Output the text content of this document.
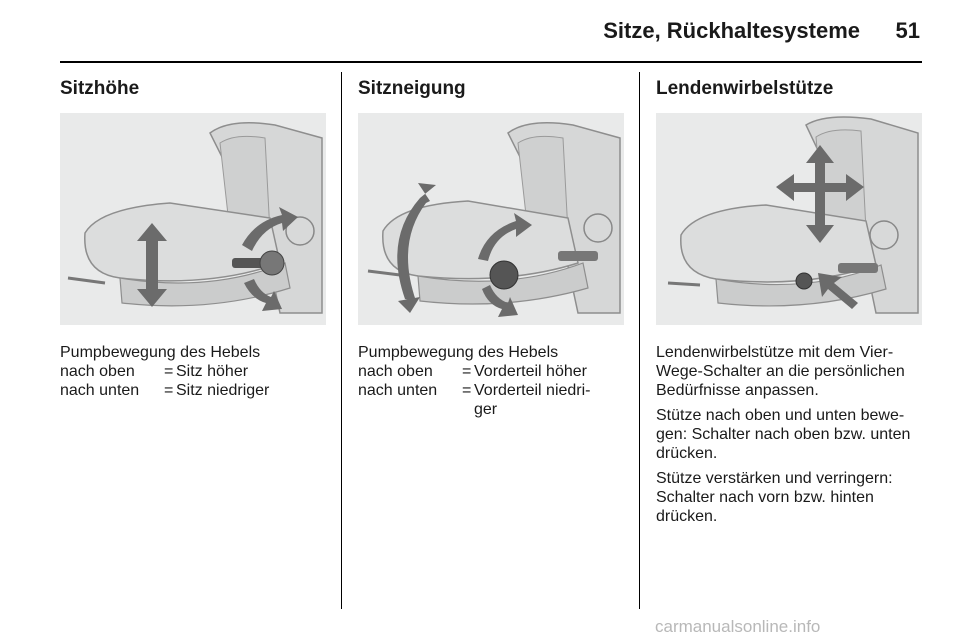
Sitze, Rückhaltesysteme	51
Sitzhöhe
Pumpbewegung des Hebels
nach oben	= Sitz höher
nach unten	= Sitz niedriger
Sitzneigung
Pumpbewegung des Hebels
nach oben	= Vorderteil höher
nach unten	= Vorderteil niedri- ger
Lendenwirbelstütze

Lendenwirbelstütze mit dem Vier-Wege-Schalter an die persönlichen Bedürfnisse anpassen.

Stütze nach oben und unten bewe-gen: Schalter nach oben bzw. unten drücken.

Stütze verstärken und verringern: Schalter nach vorn bzw. hinten drücken.

carmanualsonline.info
